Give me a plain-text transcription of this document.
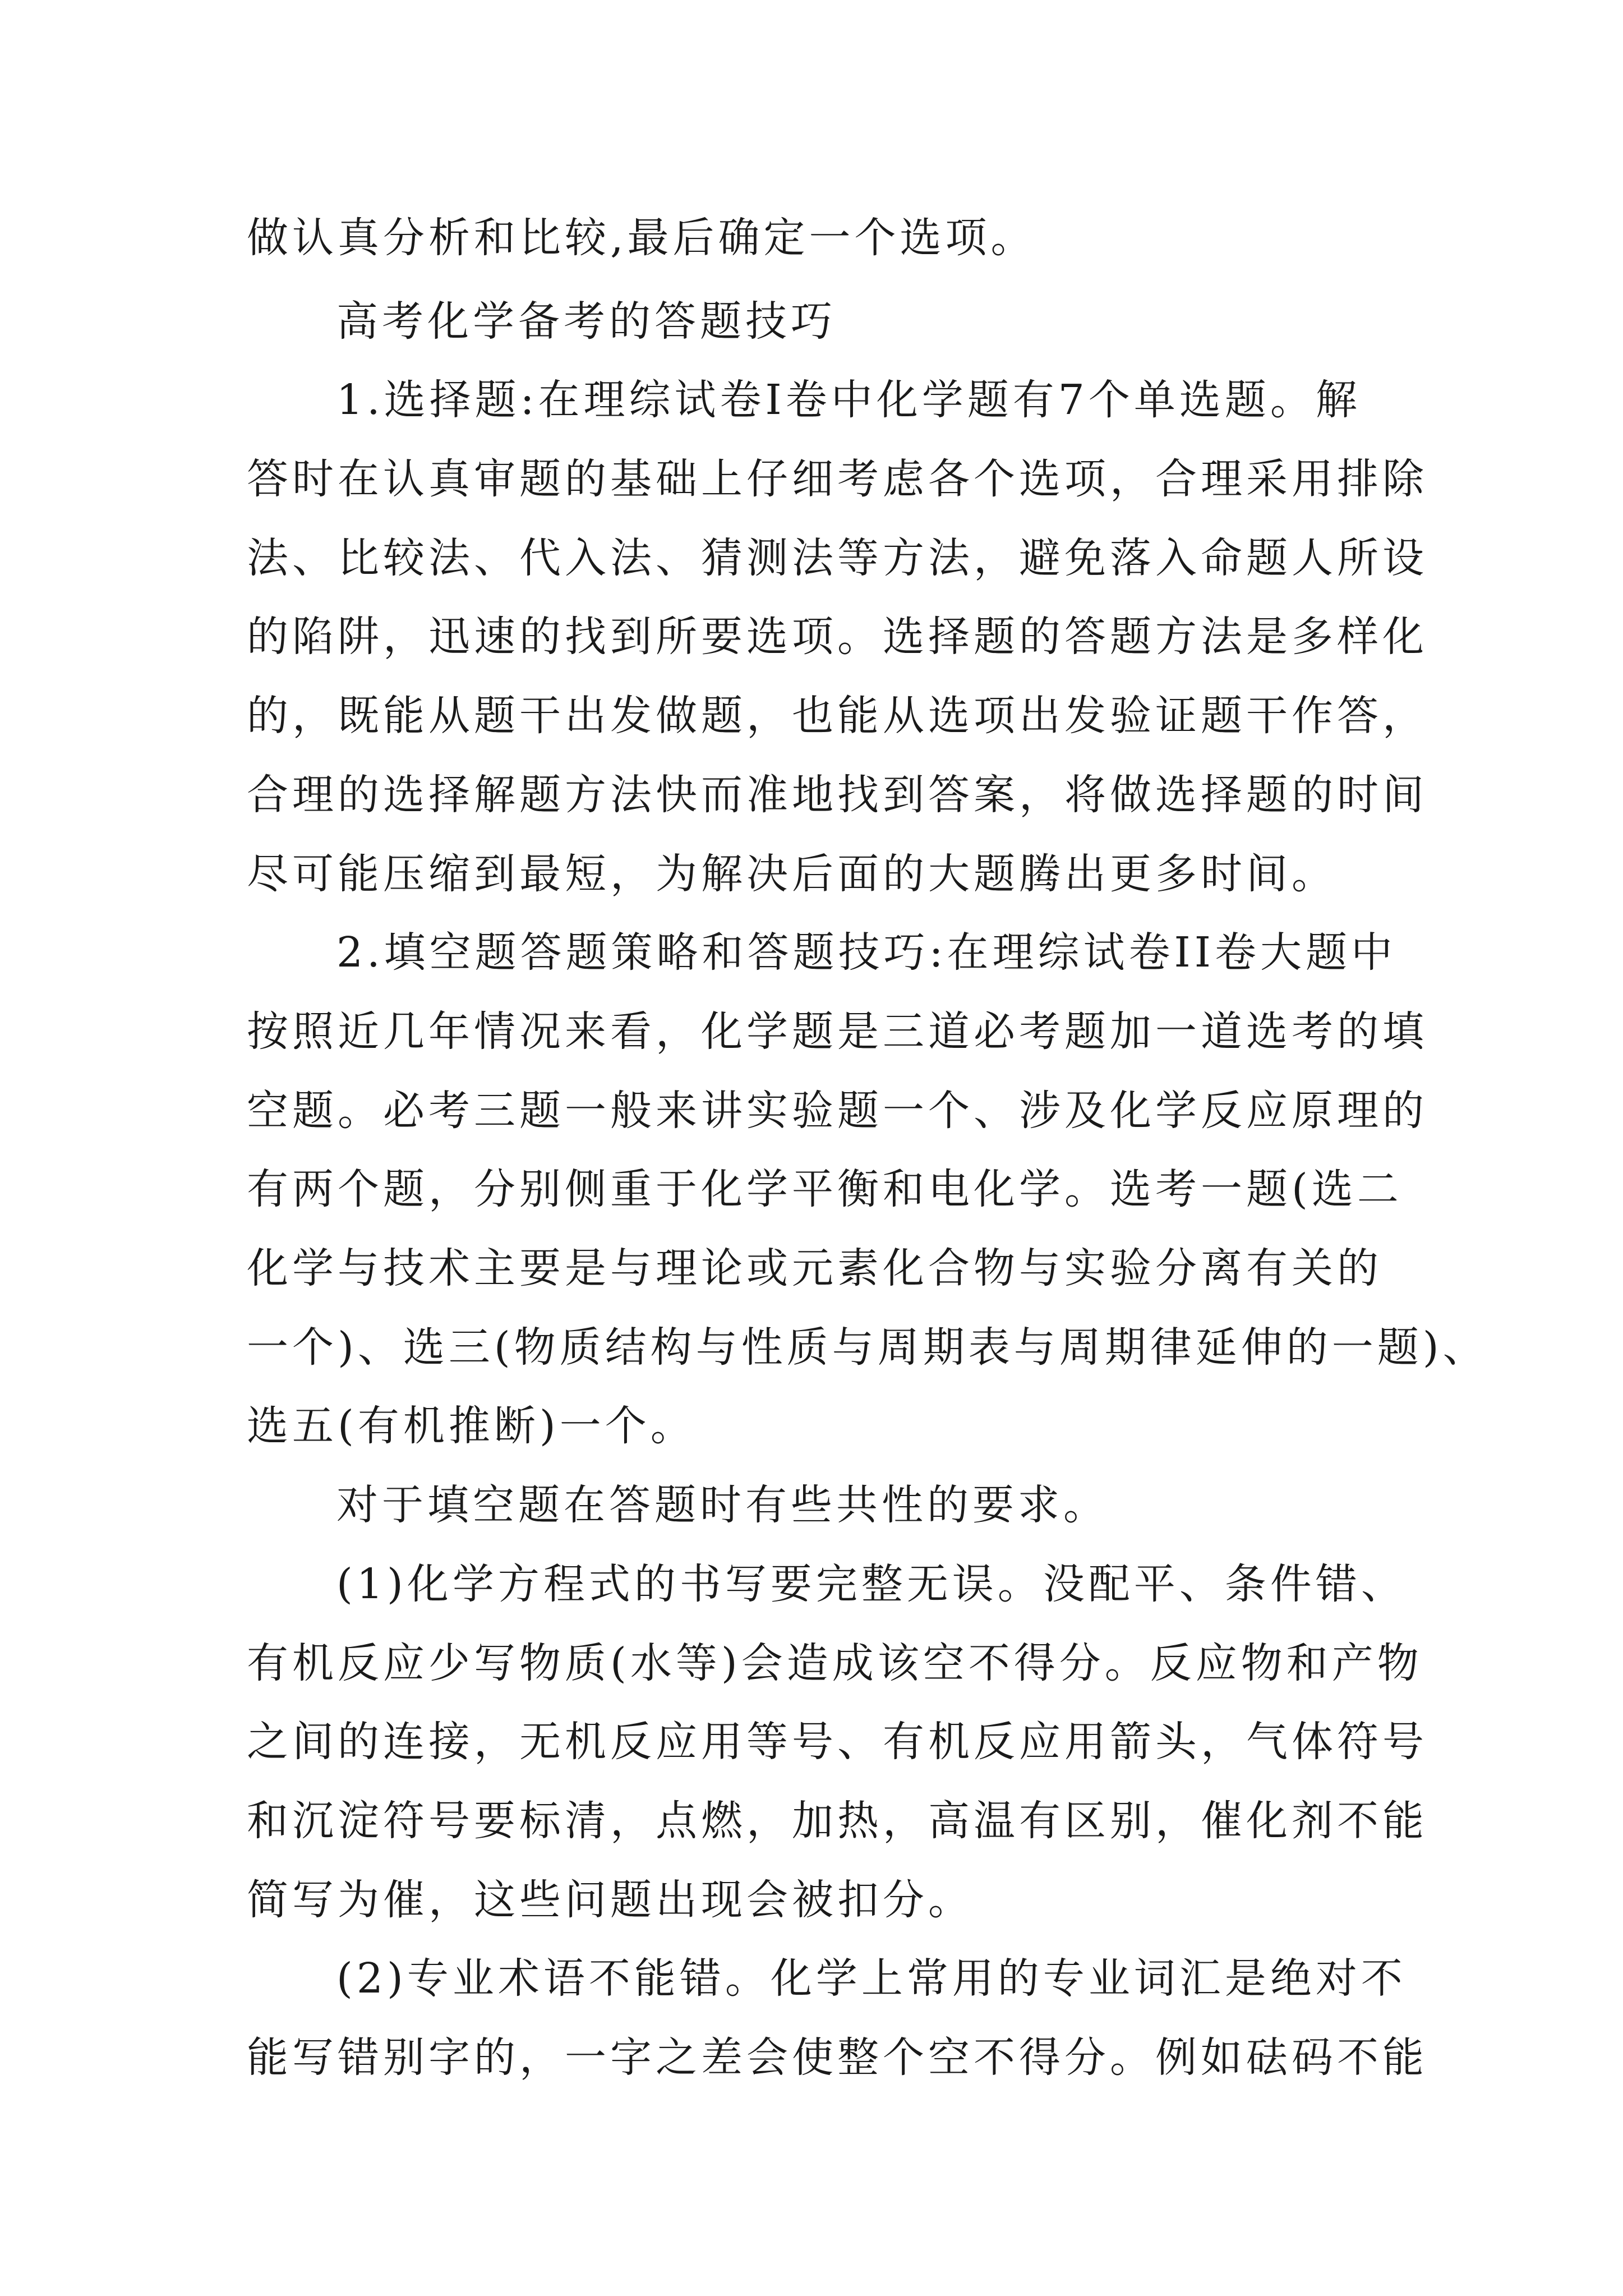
做认真分析和比较,最后确定一个选项。
高考化学备考的答题技巧
1.选择题:在理综试卷Ⅰ卷中化学题有7个单选题。解
答时在认真审题的基础上仔细考虑各个选项，合理采用排除
法、比较法、代入法、猜测法等方法，避免落入命题人所设
的陷阱，迅速的找到所要选项。选择题的答题方法是多样化
的，既能从题干出发做题，也能从选项出发验证题干作答，
合理的选择解题方法快而准地找到答案，将做选择题的时间
尽可能压缩到最短，为解决后面的大题腾出更多时间。
2.填空题答题策略和答题技巧:在理综试卷II卷大题中
按照近几年情况来看，化学题是三道必考题加一道选考的填
空题。必考三题一般来讲实验题一个、涉及化学反应原理的
有两个题，分别侧重于化学平衡和电化学。选考一题(选二
化学与技术主要是与理论或元素化合物与实验分离有关的
一个)、选三(物质结构与性质与周期表与周期律延伸的一题)、
选五(有机推断)一个。
对于填空题在答题时有些共性的要求。
(1)化学方程式的书写要完整无误。没配平、条件错、
有机反应少写物质(水等)会造成该空不得分。反应物和产物
之间的连接，无机反应用等号、有机反应用箭头，气体符号
和沉淀符号要标清，点燃，加热，高温有区别，催化剂不能
简写为催，这些问题出现会被扣分。
(2)专业术语不能错。化学上常用的专业词汇是绝对不
能写错别字的，一字之差会使整个空不得分。例如砝码不能
